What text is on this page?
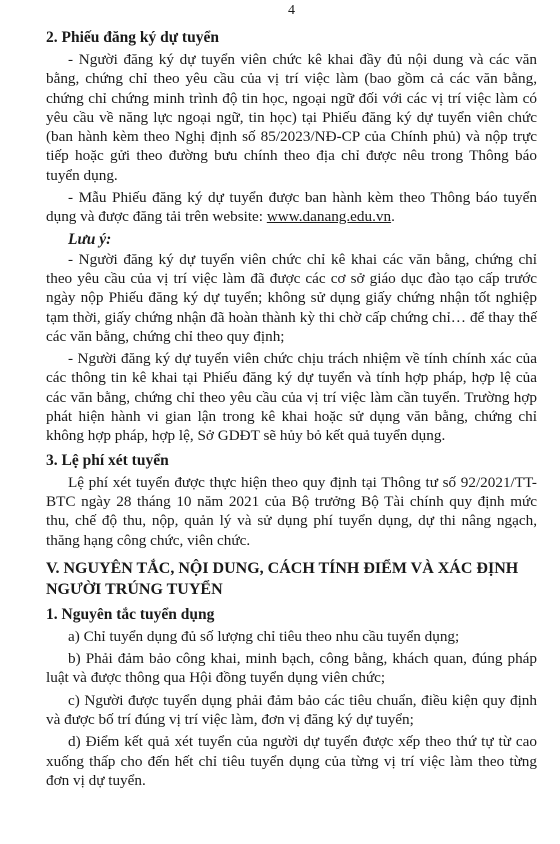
4
2. Phiếu đăng ký dự tuyển
- Người đăng ký dự tuyển viên chức kê khai đầy đủ nội dung và các văn bằng, chứng chỉ theo yêu cầu của vị trí việc làm (bao gồm cả các văn bằng, chứng chỉ chứng minh trình độ tin học, ngoại ngữ đối với các vị trí việc làm có yêu cầu về năng lực ngoại ngữ, tin học) tại Phiếu đăng ký dự tuyển viên chức (ban hành kèm theo Nghị định số 85/2023/NĐ-CP của Chính phủ) và nộp trực tiếp hoặc gửi theo đường bưu chính theo địa chỉ được nêu trong Thông báo tuyển dụng.
- Mẫu Phiếu đăng ký dự tuyển được ban hành kèm theo Thông báo tuyển dụng và được đăng tải trên website: www.danang.edu.vn.
Lưu ý:
- Người đăng ký dự tuyển viên chức chỉ kê khai các văn bằng, chứng chỉ theo yêu cầu của vị trí việc làm đã được các cơ sở giáo dục đào tạo cấp trước ngày nộp Phiếu đăng ký dự tuyển; không sử dụng giấy chứng nhận tốt nghiệp tạm thời, giấy chứng nhận đã hoàn thành kỳ thi chờ cấp chứng chỉ… để thay thế các văn bằng, chứng chỉ theo quy định;
- Người đăng ký dự tuyển viên chức chịu trách nhiệm về tính chính xác của các thông tin kê khai tại Phiếu đăng ký dự tuyển và tính hợp pháp, hợp lệ của các văn bằng, chứng chỉ theo yêu cầu của vị trí việc làm cần tuyển. Trường hợp phát hiện hành vi gian lận trong kê khai hoặc sử dụng văn bằng, chứng chỉ không hợp pháp, hợp lệ, Sở GDĐT sẽ hủy bỏ kết quả tuyển dụng.
3. Lệ phí xét tuyển
Lệ phí xét tuyển được thực hiện theo quy định tại Thông tư số 92/2021/TT-BTC ngày 28 tháng 10 năm 2021 của Bộ trưởng Bộ Tài chính quy định mức thu, chế độ thu, nộp, quản lý và sử dụng phí tuyển dụng, dự thi nâng ngạch, thăng hạng công chức, viên chức.
V. NGUYÊN TẮC, NỘI DUNG, CÁCH TÍNH ĐIỂM VÀ XÁC ĐỊNH NGƯỜI TRÚNG TUYỂN
1. Nguyên tắc tuyển dụng
a) Chỉ tuyển dụng đủ số lượng chỉ tiêu theo nhu cầu tuyển dụng;
b) Phải đảm bảo công khai, minh bạch, công bằng, khách quan, đúng pháp luật và được thông qua Hội đồng tuyển dụng viên chức;
c) Người được tuyển dụng phải đảm bảo các tiêu chuẩn, điều kiện quy định và được bố trí đúng vị trí việc làm, đơn vị đăng ký dự tuyển;
d) Điểm kết quả xét tuyển của người dự tuyển được xếp theo thứ tự từ cao xuống thấp cho đến hết chỉ tiêu tuyển dụng của từng vị trí việc làm theo từng đơn vị dự tuyển.
